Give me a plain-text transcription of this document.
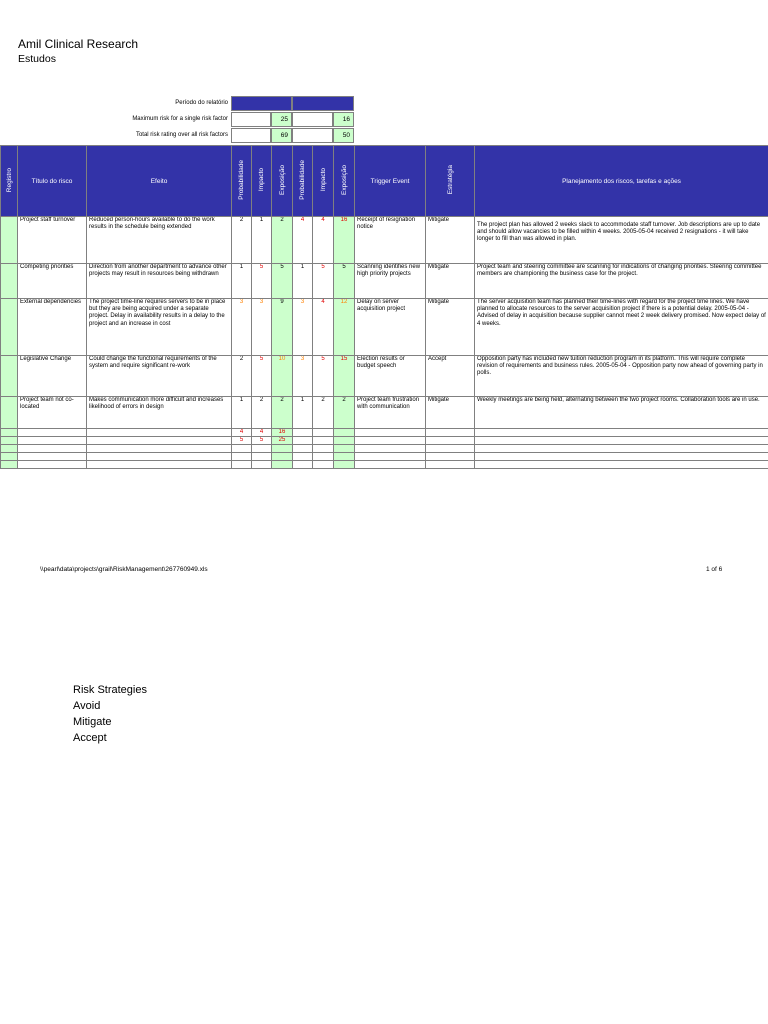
Amil Clinical Research
Estudos
Período do relatório
Maximum risk for a single risk factor	25	16
Total risk rating over all risk factors	69	50
Registro	Título do risco	Efeito	Probabilidade	Impacto	Exposição	Probabilidade	Impacto	Exposição	Trigger Event	Estratégia	Planejamento dos riscos, tarefas e ações
	Project staff turnover	Reduced person-hours available to do the work results in the schedule being extended	2	1	2	4	4	16	Receipt of resignation notice	Mitigate	The project plan has allowed 2 weeks slack to accommodate staff turnover. Job descriptions are up to date and should allow vacancies to be filled within 4 weeks. 2005-05-04 received 2 resignations - it will take longer to fill than was allowed in plan.
	Competing priorities	Direction from another department to advance other projects may result in resources being withdrawn	1	5	5	1	5	5	Scanning identifies new high priority projects	Mitigate	Project team and steering committee are scanning for indications of changing priorities. Steering committee members are championing the business case for the project.
	External dependencies	The project time-line requires servers to be in place but they are being acquired under a separate project. Delay in availability results in a delay to the project and an increase in cost	3	3	9	3	4	12	Delay on server acquisition project	Mitigate	The server acquisition team has planned their time-lines with regard for the project time lines. We have planned to allocate resources to the server acquisition project if there is a potential delay. 2005-05-04 - Advised of delay in acquisition because supplier cannot meet 2 week delivery promised. Now expect delay of 4 weeks.
	Legislative Change	Could change the functional requirements of the system and require significant re-work	2	5	10	3	5	15	Election results or budget speech	Accept	Opposition party has included new tuition reduction program in its platform. This will require complete revision of requirements and business rules. 2005-05-04 - Opposition party now ahead of governing party in polls.
	Project team not co-located	Makes communication more difficult and increases likelihood of errors in design	1	2	2	1	2	2	Project team frustration with communication	Mitigate	Weekly meetings are being held, alternating between the two project rooms. Collaboration tools are in use.
			4	4	16						
			5	5	25						

\\pearl\data\projects\grail\RiskManagement\267760949.xls	1 of 6
Risk Strategies
Avoid
Mitigate
Accept
